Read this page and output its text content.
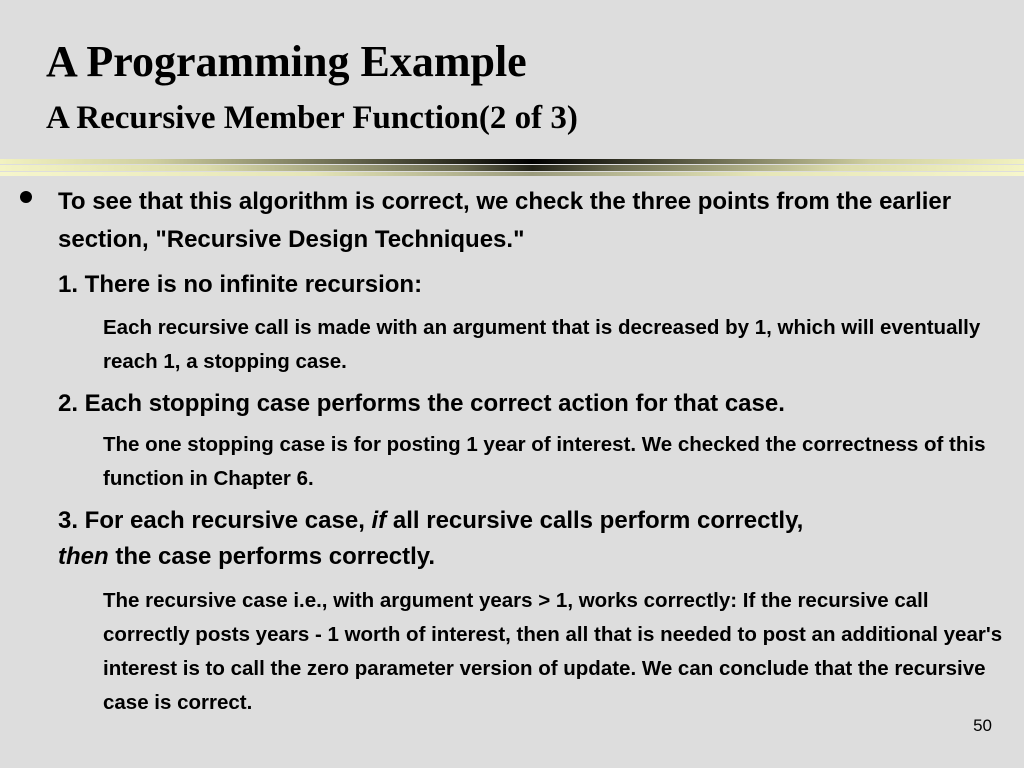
A Programming Example
A Recursive Member Function(2 of 3)

To see that this algorithm is correct, we check the three points from the earlier section, "Recursive Design Techniques."

1. There is no infinite recursion:

Each recursive call is made with an argument that is decreased by 1, which will eventually reach 1, a stopping case.

2. Each stopping case performs the correct action for that case.

The one stopping case is for posting 1 year of interest. We checked the correctness of this function in Chapter 6.

3. For each recursive case, if all recursive calls perform correctly,
then the case performs correctly.

The recursive case i.e., with argument years > 1, works correctly: If the recursive call correctly posts years - 1 worth of interest, then all that is needed to post an additional year's interest is to call the zero parameter version of update. We can conclude that the recursive case is correct.

50
